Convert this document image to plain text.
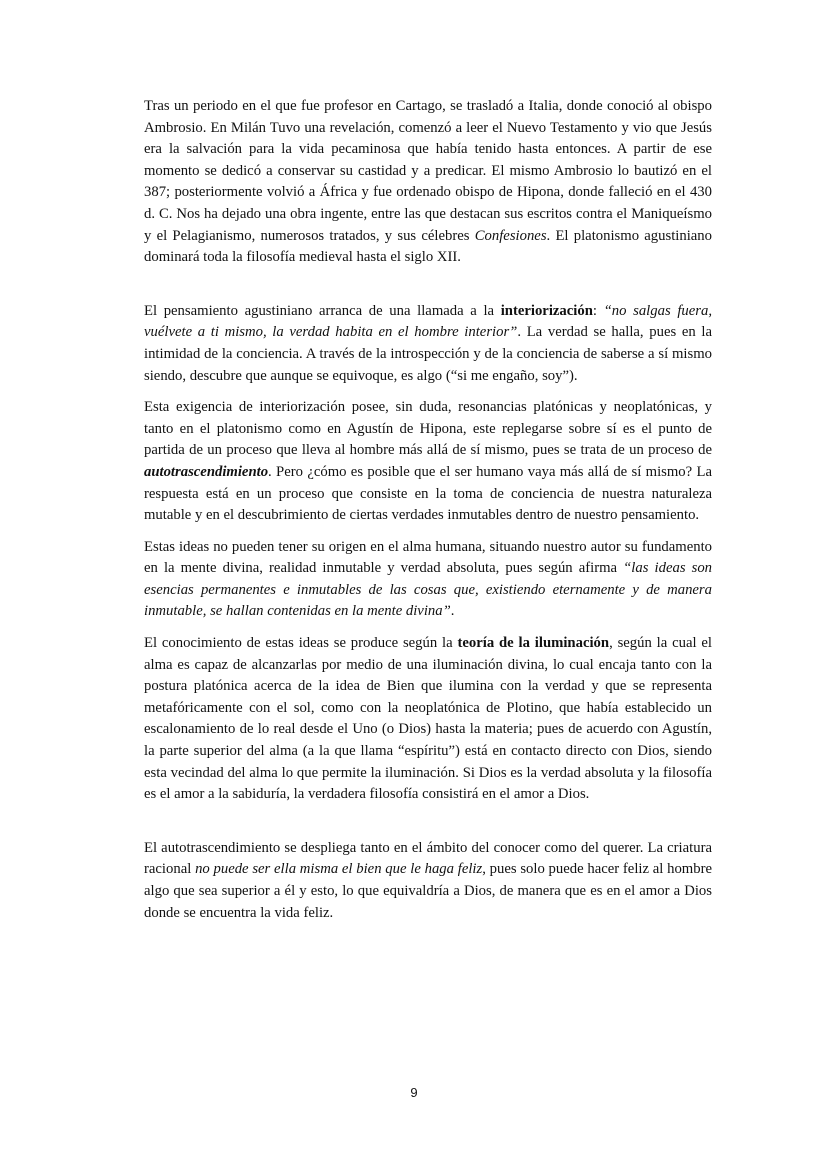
Tras un periodo en el que fue profesor en Cartago, se trasladó a Italia, donde conoció al obispo Ambrosio. En Milán Tuvo una revelación, comenzó a leer el Nuevo Testamento y vio que Jesús era la salvación para la vida pecaminosa que había tenido hasta entonces. A partir de ese momento se dedicó a conservar su castidad y a predicar. El mismo Ambrosio lo bautizó en el 387; posteriormente volvió a África y fue ordenado obispo de Hipona, donde falleció en el 430 d. C. Nos ha dejado una obra ingente, entre las que destacan sus escritos contra el Maniqueísmo y el Pelagianismo, numerosos tratados, y sus célebres Confesiones. El platonismo agustiniano dominará toda la filosofía medieval hasta el siglo XII.

El pensamiento agustiniano arranca de una llamada a la interiorización: “no salgas fuera, vuélvete a ti mismo, la verdad habita en el hombre interior”. La verdad se halla, pues en la intimidad de la conciencia. A través de la introspección y de la conciencia de saberse a sí mismo siendo, descubre que aunque se equivoque, es algo (“si me engaño, soy”).

Esta exigencia de interiorización posee, sin duda, resonancias platónicas y neoplatónicas, y tanto en el platonismo como en Agustín de Hipona, este replegarse sobre sí es el punto de partida de un proceso que lleva al hombre más allá de sí mismo, pues se trata de un proceso de autotrascendimiento. Pero ¿cómo es posible que el ser humano vaya más allá de sí mismo? La respuesta está en un proceso que consiste en la toma de conciencia de nuestra naturaleza mutable y en el descubrimiento de ciertas verdades inmutables dentro de nuestro pensamiento.

Estas ideas no pueden tener su origen en el alma humana, situando nuestro autor su fundamento en la mente divina, realidad inmutable y verdad absoluta, pues según afirma “las ideas son esencias permanentes e inmutables de las cosas que, existiendo eternamente y de manera inmutable, se hallan contenidas en la mente divina”.

El conocimiento de estas ideas se produce según la teoría de la iluminación, según la cual el alma es capaz de alcanzarlas por medio de una iluminación divina, lo cual encaja tanto con la postura platónica acerca de la idea de Bien que ilumina con la verdad y que se representa metafóricamente con el sol, como con la neoplatónica de Plotino, que había establecido un escalonamiento de lo real desde el Uno (o Dios) hasta la materia; pues de acuerdo con Agustín, la parte superior del alma (a la que llama “espíritu”) está en contacto directo con Dios, siendo esta vecindad del alma lo que permite la iluminación. Si Dios es la verdad absoluta y la filosofía es el amor a la sabiduría, la verdadera filosofía consistirá en el amor a Dios.

El autotrascendimiento se despliega tanto en el ámbito del conocer como del querer. La criatura racional no puede ser ella misma el bien que le haga feliz, pues solo puede hacer feliz al hombre algo que sea superior a él y esto, lo que equivaldría a Dios, de manera que es en el amor a Dios donde se encuentra la vida feliz.

9
